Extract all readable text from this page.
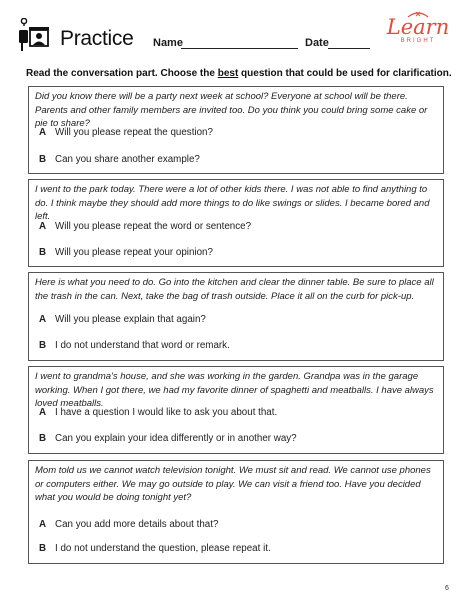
Practice Name	Date
Learn
BRIGHT
Read the conversation part. Choose the best question that could be used for clarification.
Did you know there will be a party next week at school? Everyone at school will be there. Parents and other family members are invited too. Do you think you could bring some cake or pie to share?
A Will you please repeat the question?
B Can you share another example?
I went to the park today. There were a lot of other kids there. I was not able to find anything to do. I think maybe they should add more things to do like swings or slides. I became bored and left.
A Will you please repeat the word or sentence?
B Will you please repeat your opinion?
Here is what you need to do. Go into the kitchen and clear the dinner table. Be sure to place all the trash in the can. Next, take the bag of trash outside. Place it all on the curb for pick-up.
A Will you please explain that again?
B I do not understand that word or remark.
I went to grandma's house, and she was working in the garden. Grandpa was in the garage working. When I got there, we had my favorite dinner of spaghetti and meatballs. I have always loved meatballs.
A I have a question I would like to ask you about that.
B Can you explain your idea differently or in another way?
Mom told us we cannot watch television tonight. We must sit and read. We cannot use phones or computers either. We may go outside to play. We can visit a friend too. Have you decided what you would be doing tonight yet?
A Can you add more details about that?
B I do not understand the question, please repeat it.
6
